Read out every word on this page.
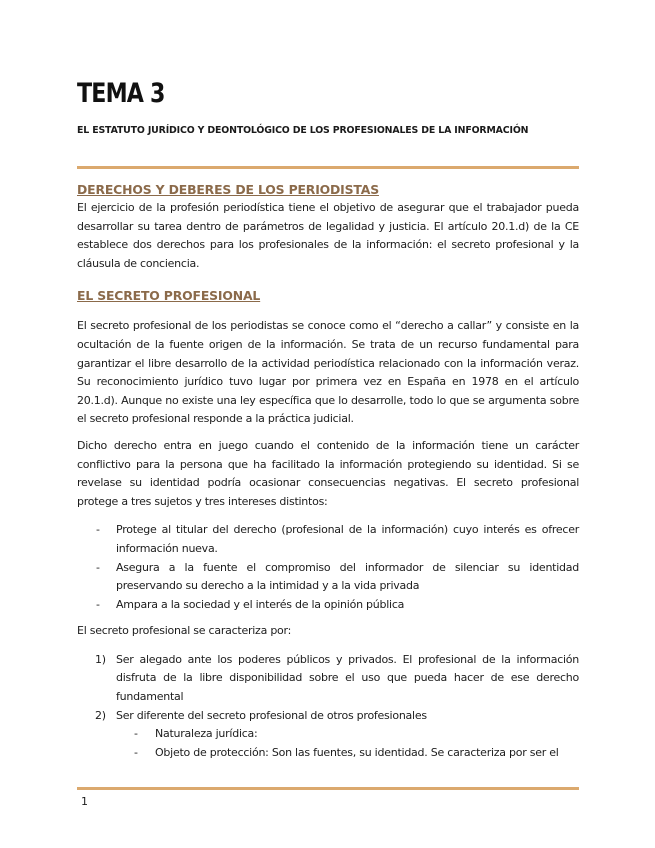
TEMA 3

EL ESTATUTO JURÍDICO Y DEONTOLÓGICO DE LOS PROFESIONALES DE LA INFORMACIÓN

DERECHOS Y DEBERES DE LOS PERIODISTAS

El ejercicio de la profesión periodística tiene el objetivo de asegurar que el trabajador pueda desarrollar su tarea dentro de parámetros de legalidad y justicia. El artículo 20.1.d) de la CE establece dos derechos para los profesionales de la información: el secreto profesional y la cláusula de conciencia.

EL SECRETO PROFESIONAL

El secreto profesional de los periodistas se conoce como el “derecho a callar” y consiste en la ocultación de la fuente origen de la información. Se trata de un recurso fundamental para garantizar el libre desarrollo de la actividad periodística relacionado con la información veraz. Su reconocimiento jurídico tuvo lugar por primera vez en España en 1978 en el artículo 20.1.d). Aunque no existe una ley específica que lo desarrolle, todo lo que se argumenta sobre el secreto profesional responde a la práctica judicial.

Dicho derecho entra en juego cuando el contenido de la información tiene un carácter conflictivo para la persona que ha facilitado la información protegiendo su identidad. Si se revelase su identidad podría ocasionar consecuencias negativas. El secreto profesional protege a tres sujetos y tres intereses distintos:

- Protege al titular del derecho (profesional de la información) cuyo interés es ofrecer información nueva.
- Asegura a la fuente el compromiso del informador de silenciar su identidad preservando su derecho a la intimidad y a la vida privada
- Ampara a la sociedad y el interés de la opinión pública

El secreto profesional se caracteriza por:

1) Ser alegado ante los poderes públicos y privados. El profesional de la información disfruta de la libre disponibilidad sobre el uso que pueda hacer de ese derecho fundamental
2) Ser diferente del secreto profesional de otros profesionales
- Naturaleza jurídica:
- Objeto de protección: Son las fuentes, su identidad. Se caracteriza por ser el
1
